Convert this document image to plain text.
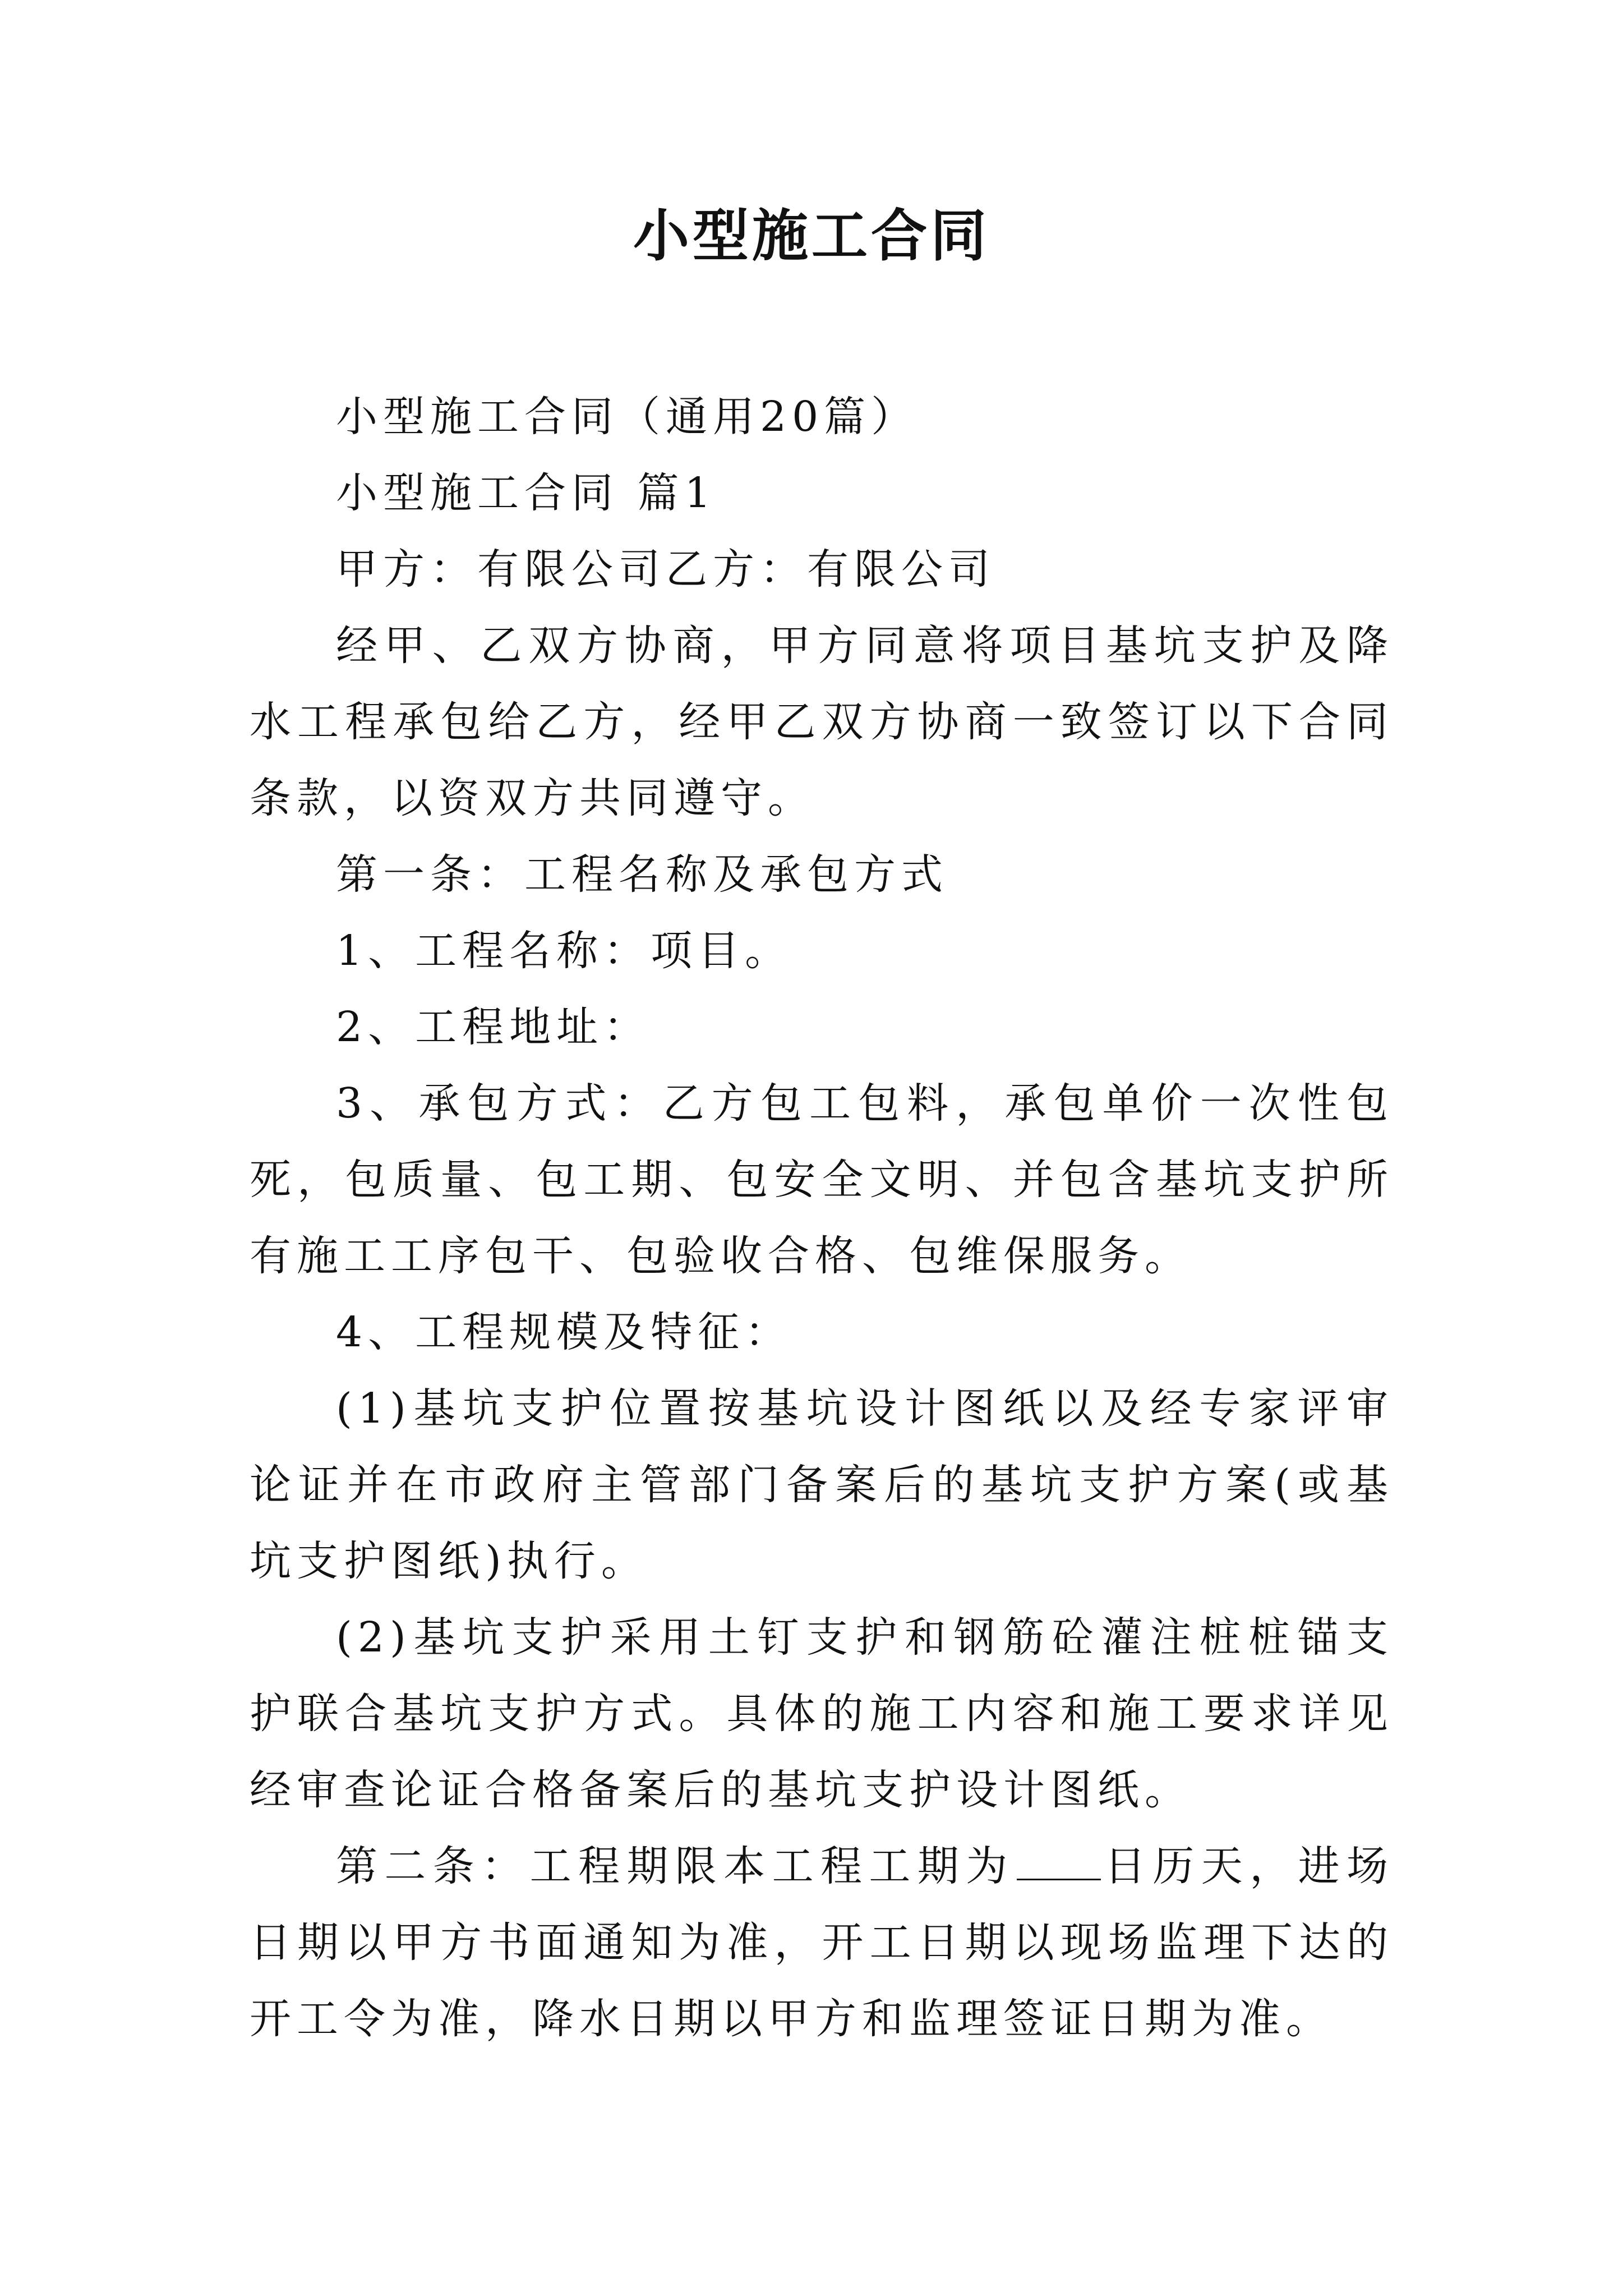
小型施工合同

小型施工合同（通用20篇）

小型施工合同 篇1

甲方：有限公司乙方：有限公司

经甲、乙双方协商，甲方同意将项目基坑支护及降水工程承包给乙方，经甲乙双方协商一致签订以下合同条款，以资双方共同遵守。

第一条：工程名称及承包方式

1、工程名称：项目。

2、工程地址：

3、承包方式：乙方包工包料，承包单价一次性包死，包质量、包工期、包安全文明、并包含基坑支护所有施工工序包干、包验收合格、包维保服务。

4、工程规模及特征：

(1)基坑支护位置按基坑设计图纸以及经专家评审论证并在市政府主管部门备案后的基坑支护方案(或基坑支护图纸)执行。

(2)基坑支护采用土钉支护和钢筋砼灌注桩桩锚支护联合基坑支护方式。具体的施工内容和施工要求详见经审查论证合格备案后的基坑支护设计图纸。

第二条：工程期限本工程工期为 日历天，进场日期以甲方书面通知为准，开工日期以现场监理下达的开工令为准，降水日期以甲方和监理签证日期为准。
